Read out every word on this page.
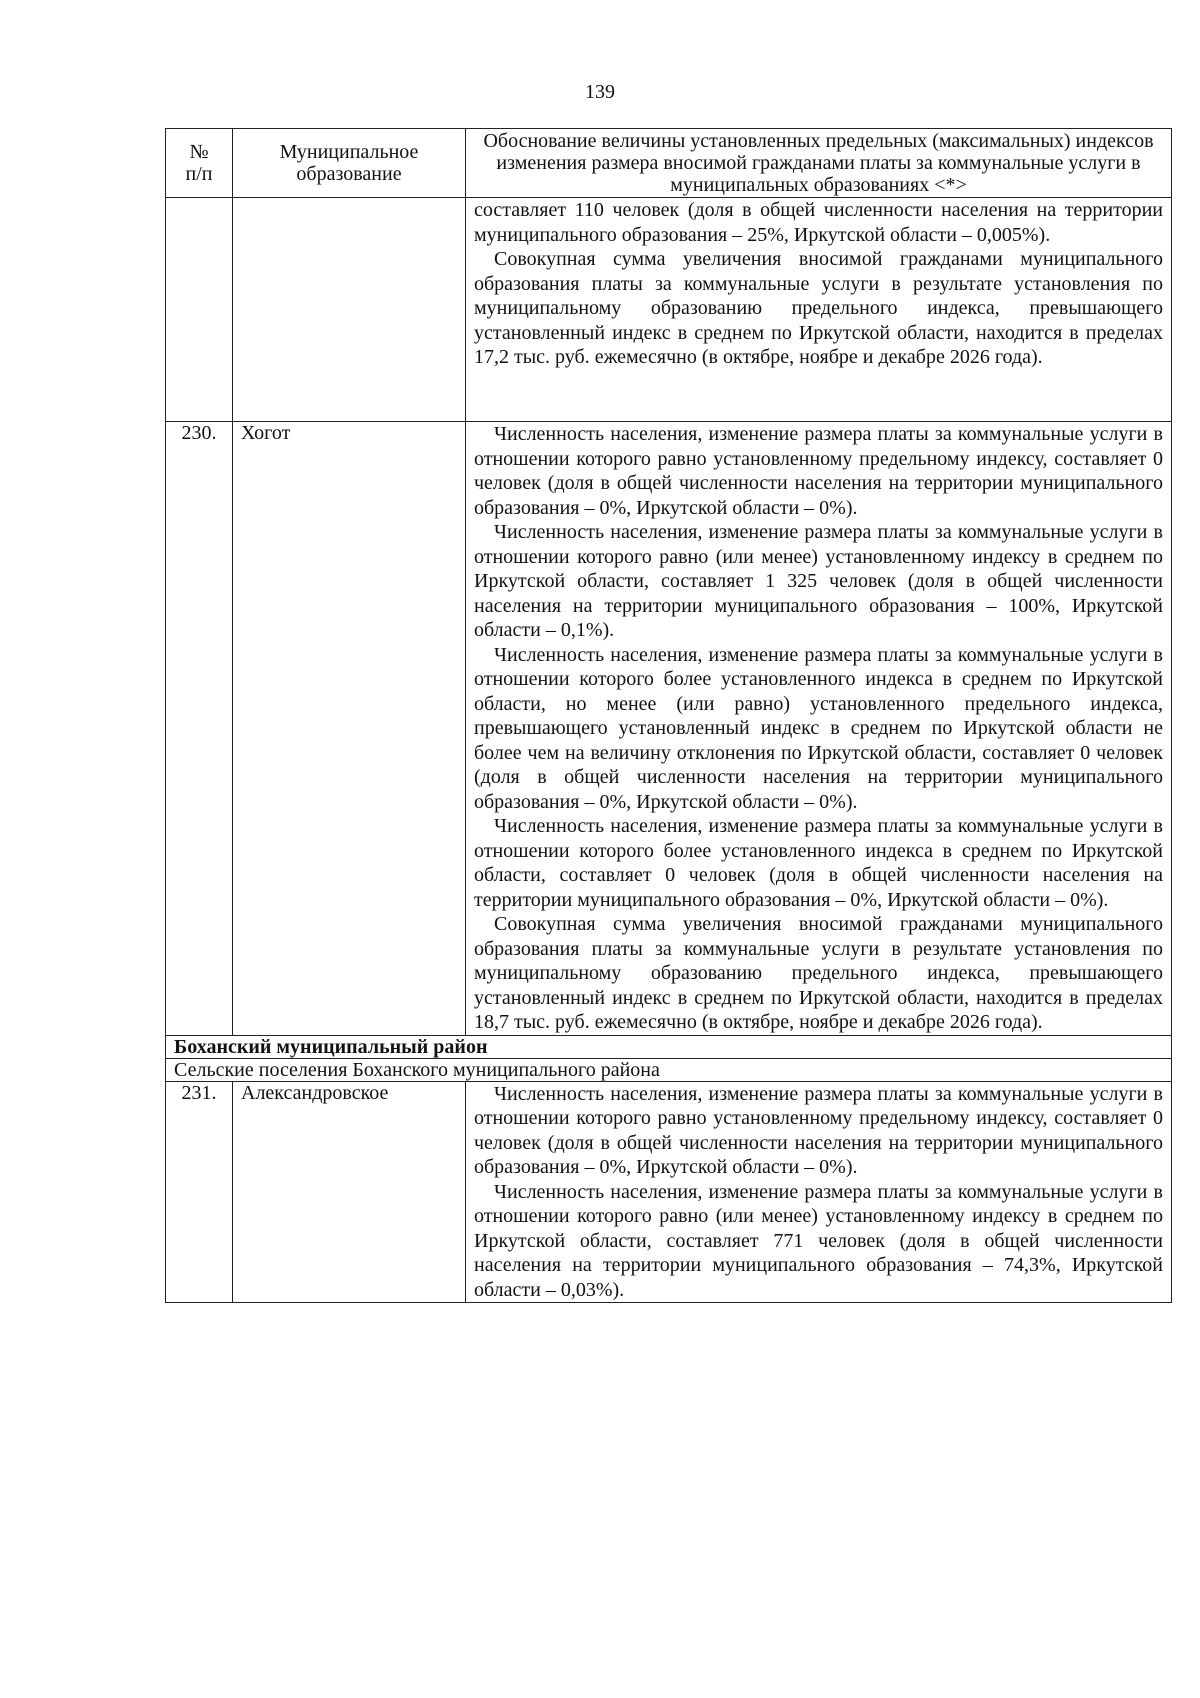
139
№
п/п	Муниципальное образование	Обоснование величины установленных предельных (максимальных) индексов изменения размера вносимой гражданами платы за коммунальные услуги в муниципальных образованиях <*>

		составляет 110 человек (доля в общей численности населения на территории муниципального образования – 25%, Иркутской области – 0,005%).

Совокупная сумма увеличения вносимой гражданами муниципального образования платы за коммунальные услуги в результате установления по муниципальному образованию предельного индекса, превышающего установленный индекс в среднем по Иркутской области, находится в пределах 17,2 тыс. руб. ежемесячно (в октябре, ноябре и декабре 2026 года).

230.	Хогот	Численность населения, изменение размера платы за коммунальные услуги в отношении которого равно установленному предельному индексу, составляет 0 человек (доля в общей численности населения на территории муниципального образования – 0%, Иркутской области – 0%).

Численность населения, изменение размера платы за коммунальные услуги в отношении которого равно (или менее) установленному индексу в среднем по Иркутской области, составляет 1 325 человек (доля в общей численности населения на территории муниципального образования – 100%, Иркутской области – 0,1%).

Численность населения, изменение размера платы за коммунальные услуги в отношении которого более установленного индекса в среднем по Иркутской области, но менее (или равно) установленного предельного индекса, превышающего установленный индекс в среднем по Иркутской области не более чем на величину отклонения по Иркутской области, составляет 0 человек (доля в общей численности населения на территории муниципального образования – 0%, Иркутской области – 0%).

Численность населения, изменение размера платы за коммунальные услуги в отношении которого более установленного индекса в среднем по Иркутской области, составляет 0 человек (доля в общей численности населения на территории муниципального образования – 0%, Иркутской области – 0%).

Совокупная сумма увеличения вносимой гражданами муниципального образования платы за коммунальные услуги в результате установления по муниципальному образованию предельного индекса, превышающего установленный индекс в среднем по Иркутской области, находится в пределах 18,7 тыс. руб. ежемесячно (в октябре, ноябре и декабре 2026 года).

Боханский муниципальный район		
Сельские поселения Боханского муниципального района		
231.	Александровское	Численность населения, изменение размера платы за коммунальные услуги в отношении которого равно установленному предельному индексу, составляет 0 человек (доля в общей численности населения на территории муниципального образования – 0%, Иркутской области – 0%).

Численность населения, изменение размера платы за коммунальные услуги в отношении которого равно (или менее) установленному индексу в среднем по Иркутской области, составляет 771 человек (доля в общей численности населения на территории муниципального образования – 74,3%, Иркутской области – 0,03%).
